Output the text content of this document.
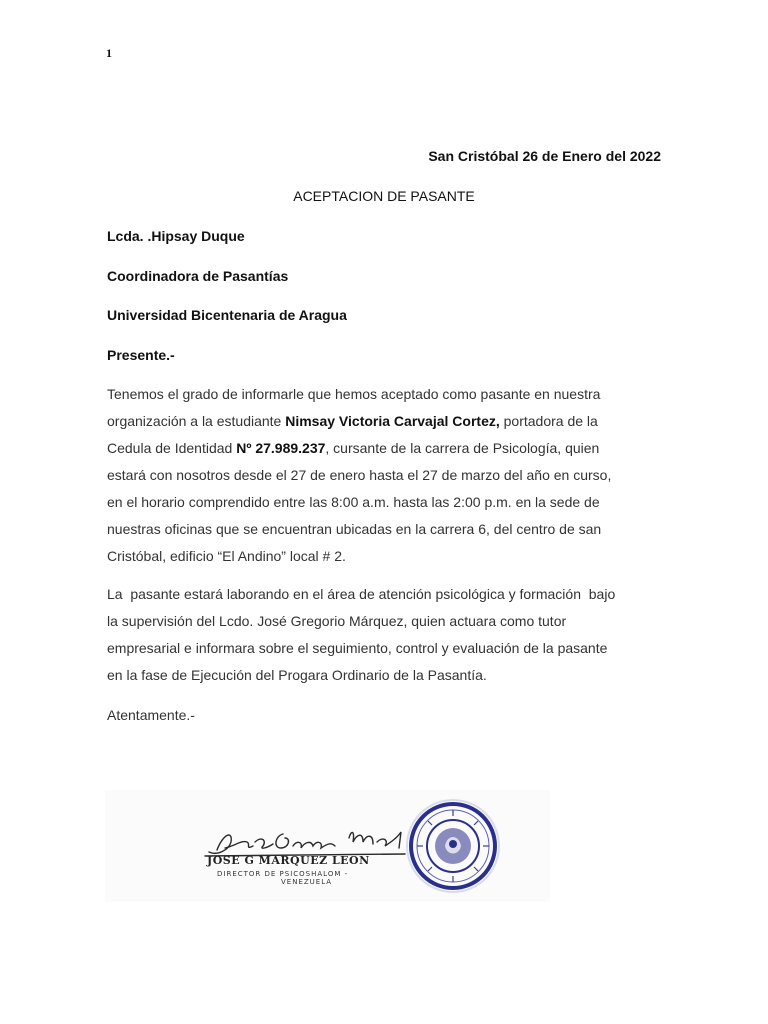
1
San Cristóbal 26 de Enero del 2022
ACEPTACION DE PASANTE
Lcda. .Hipsay Duque
Coordinadora de Pasantías
Universidad Bicentenaria de Aragua
Presente.-
Tenemos el grado de informarle que hemos aceptado como pasante en nuestra
organización a la estudiante Nimsay Victoria Carvajal Cortez, portadora de la
Cedula de Identidad Nº 27.989.237, cursante de la carrera de Psicología, quien
estará con nosotros desde el 27 de enero hasta el 27 de marzo del año en curso,
en el horario comprendido entre las 8:00 a.m. hasta las 2:00 p.m. en la sede de
nuestras oficinas que se encuentran ubicadas en la carrera 6, del centro de san
Cristóbal, edificio “El Andino” local # 2.
La  pasante estará laborando en el área de atención psicológica y formación  bajo
la supervisión del Lcdo. José Gregorio Márquez, quien actuara como tutor
empresarial e informara sobre el seguimiento, control y evaluación de la pasante
en la fase de Ejecución del Progara Ordinario de la Pasantía.
Atentamente.-
JOSE G MARQUEZ LEON
DIRECTOR DE PSICOSHALOM -
VENEZUELA
